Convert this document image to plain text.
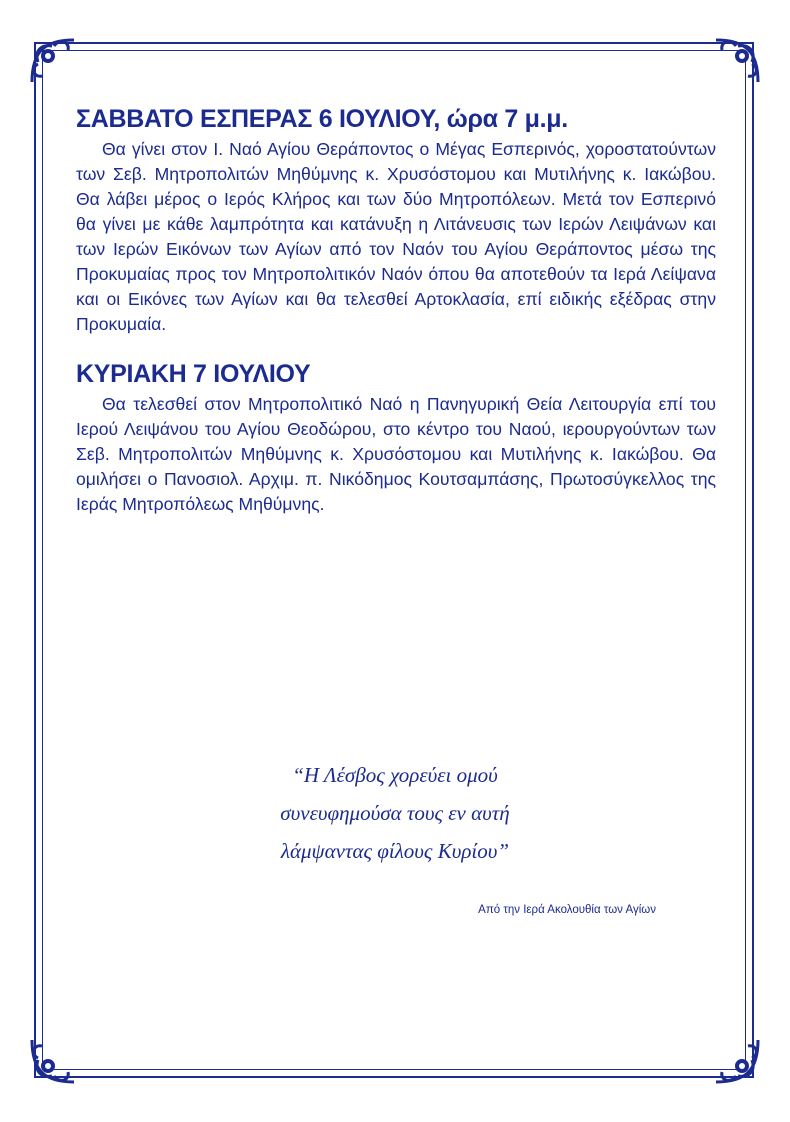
ΣΑΒΒΑΤΟ ΕΣΠΕΡΑΣ 6 ΙΟΥΛΙΟΥ, ώρα 7 μ.μ.

Θα γίνει στον Ι. Ναό Αγίου Θεράποντος ο Μέγας Εσπερινός, χοροστατούντων των Σεβ. Μητροπολιτών Μηθύμνης κ. Χρυσόστομου και Μυτιλήνης κ. Ιακώβου. Θα λάβει μέρος ο Ιερός Κλήρος και των δύο Μητροπόλεων. Μετά τον Εσπερινό θα γίνει με κάθε λαμπρότητα και κατάνυξη η Λιτάνευσις των Ιερών Λειψάνων και των Ιερών Εικόνων των Αγίων από τον Ναόν του Αγίου Θεράποντος μέσω της Προκυμαίας προς τον Μητροπολιτικόν Ναόν όπου θα αποτεθούν τα Ιερά Λείψανα και οι Εικόνες των Αγίων και θα τελεσθεί Αρτοκλασία, επί ειδικής εξέδρας στην Προκυμαία.

ΚΥΡΙΑΚΗ 7 ΙΟΥΛΙΟΥ

Θα τελεσθεί στον Μητροπολιτικό Ναό η Πανηγυρική Θεία Λειτουργία επί του Ιερού Λειψάνου του Αγίου Θεοδώρου, στο κέντρο του Ναού, ιερουργούντων των Σεβ. Μητροπολιτών Μηθύμνης κ. Χρυσόστομου και Μυτιλήνης κ. Ιακώβου. Θα ομιλήσει ο Πανοσιολ. Αρχιμ. π. Νικόδημος Κουτσαμπάσης, Πρωτοσύγκελλος της Ιεράς Μητροπόλεως Μηθύμνης.

“Η Λέσβος χορεύει ομού
συνευφημούσα τους εν αυτή
λάμψαντας φίλους Κυρίου”
Από την Ιερά Ακολουθία των Αγίων
